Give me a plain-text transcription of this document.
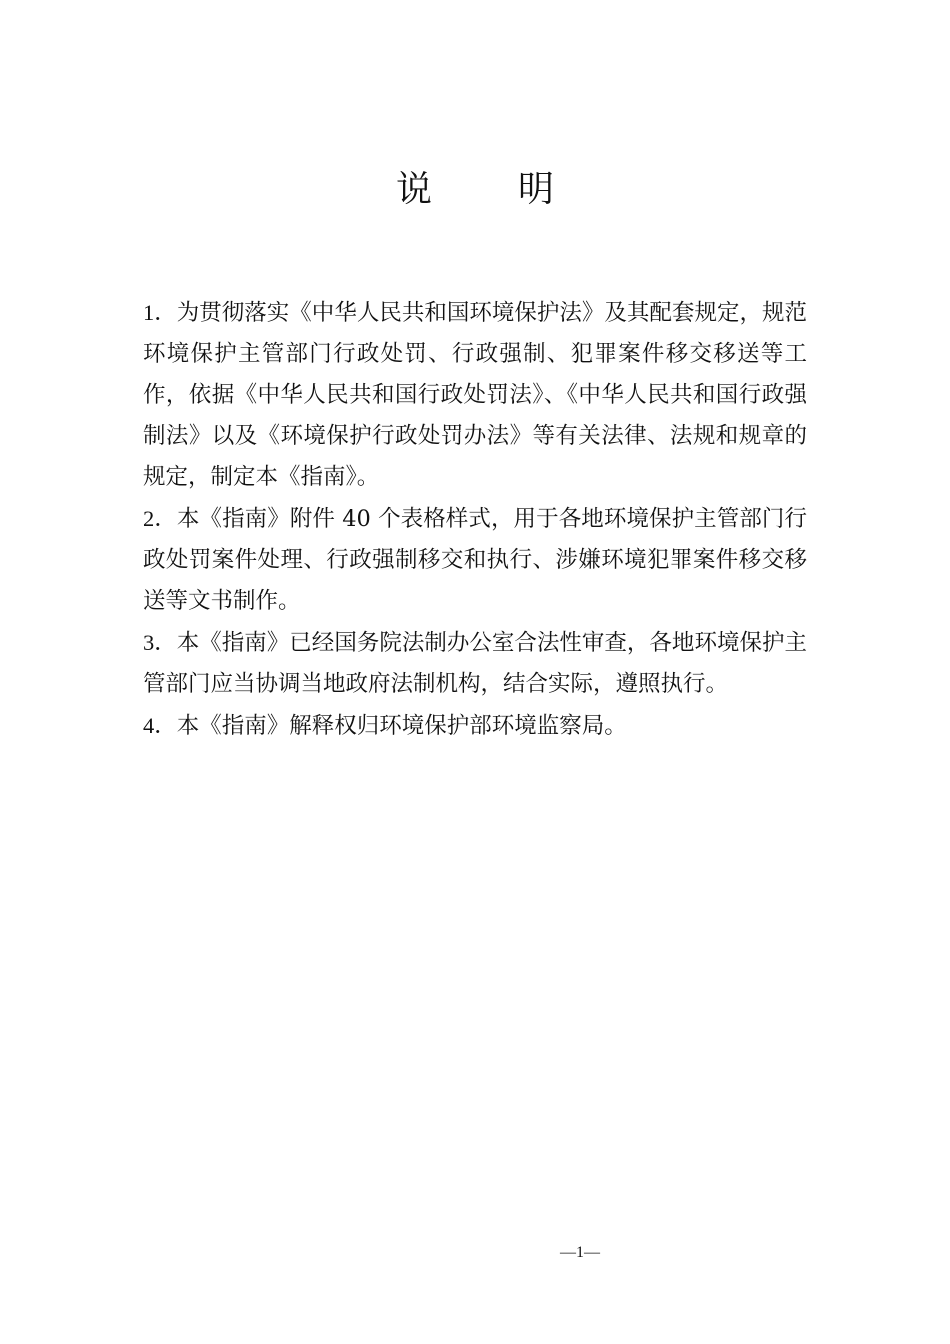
说 明

1．为贯彻落实《中华人民共和国环境保护法》及其配套规定，规范环境保护主管部门行政处罚、行政强制、犯罪案件移交移送等工作，依据《中华人民共和国行政处罚法》、《中华人民共和国行政强制法》以及《环境保护行政处罚办法》等有关法律、法规和规章的规定，制定本《指南》。

2．本《指南》附件 40 个表格样式，用于各地环境保护主管部门行政处罚案件处理、行政强制移交和执行、涉嫌环境犯罪案件移交移送等文书制作。

3．本《指南》已经国务院法制办公室合法性审查，各地环境保护主管部门应当协调当地政府法制机构，结合实际，遵照执行。

4．本《指南》解释权归环境保护部环境监察局。

—1—
